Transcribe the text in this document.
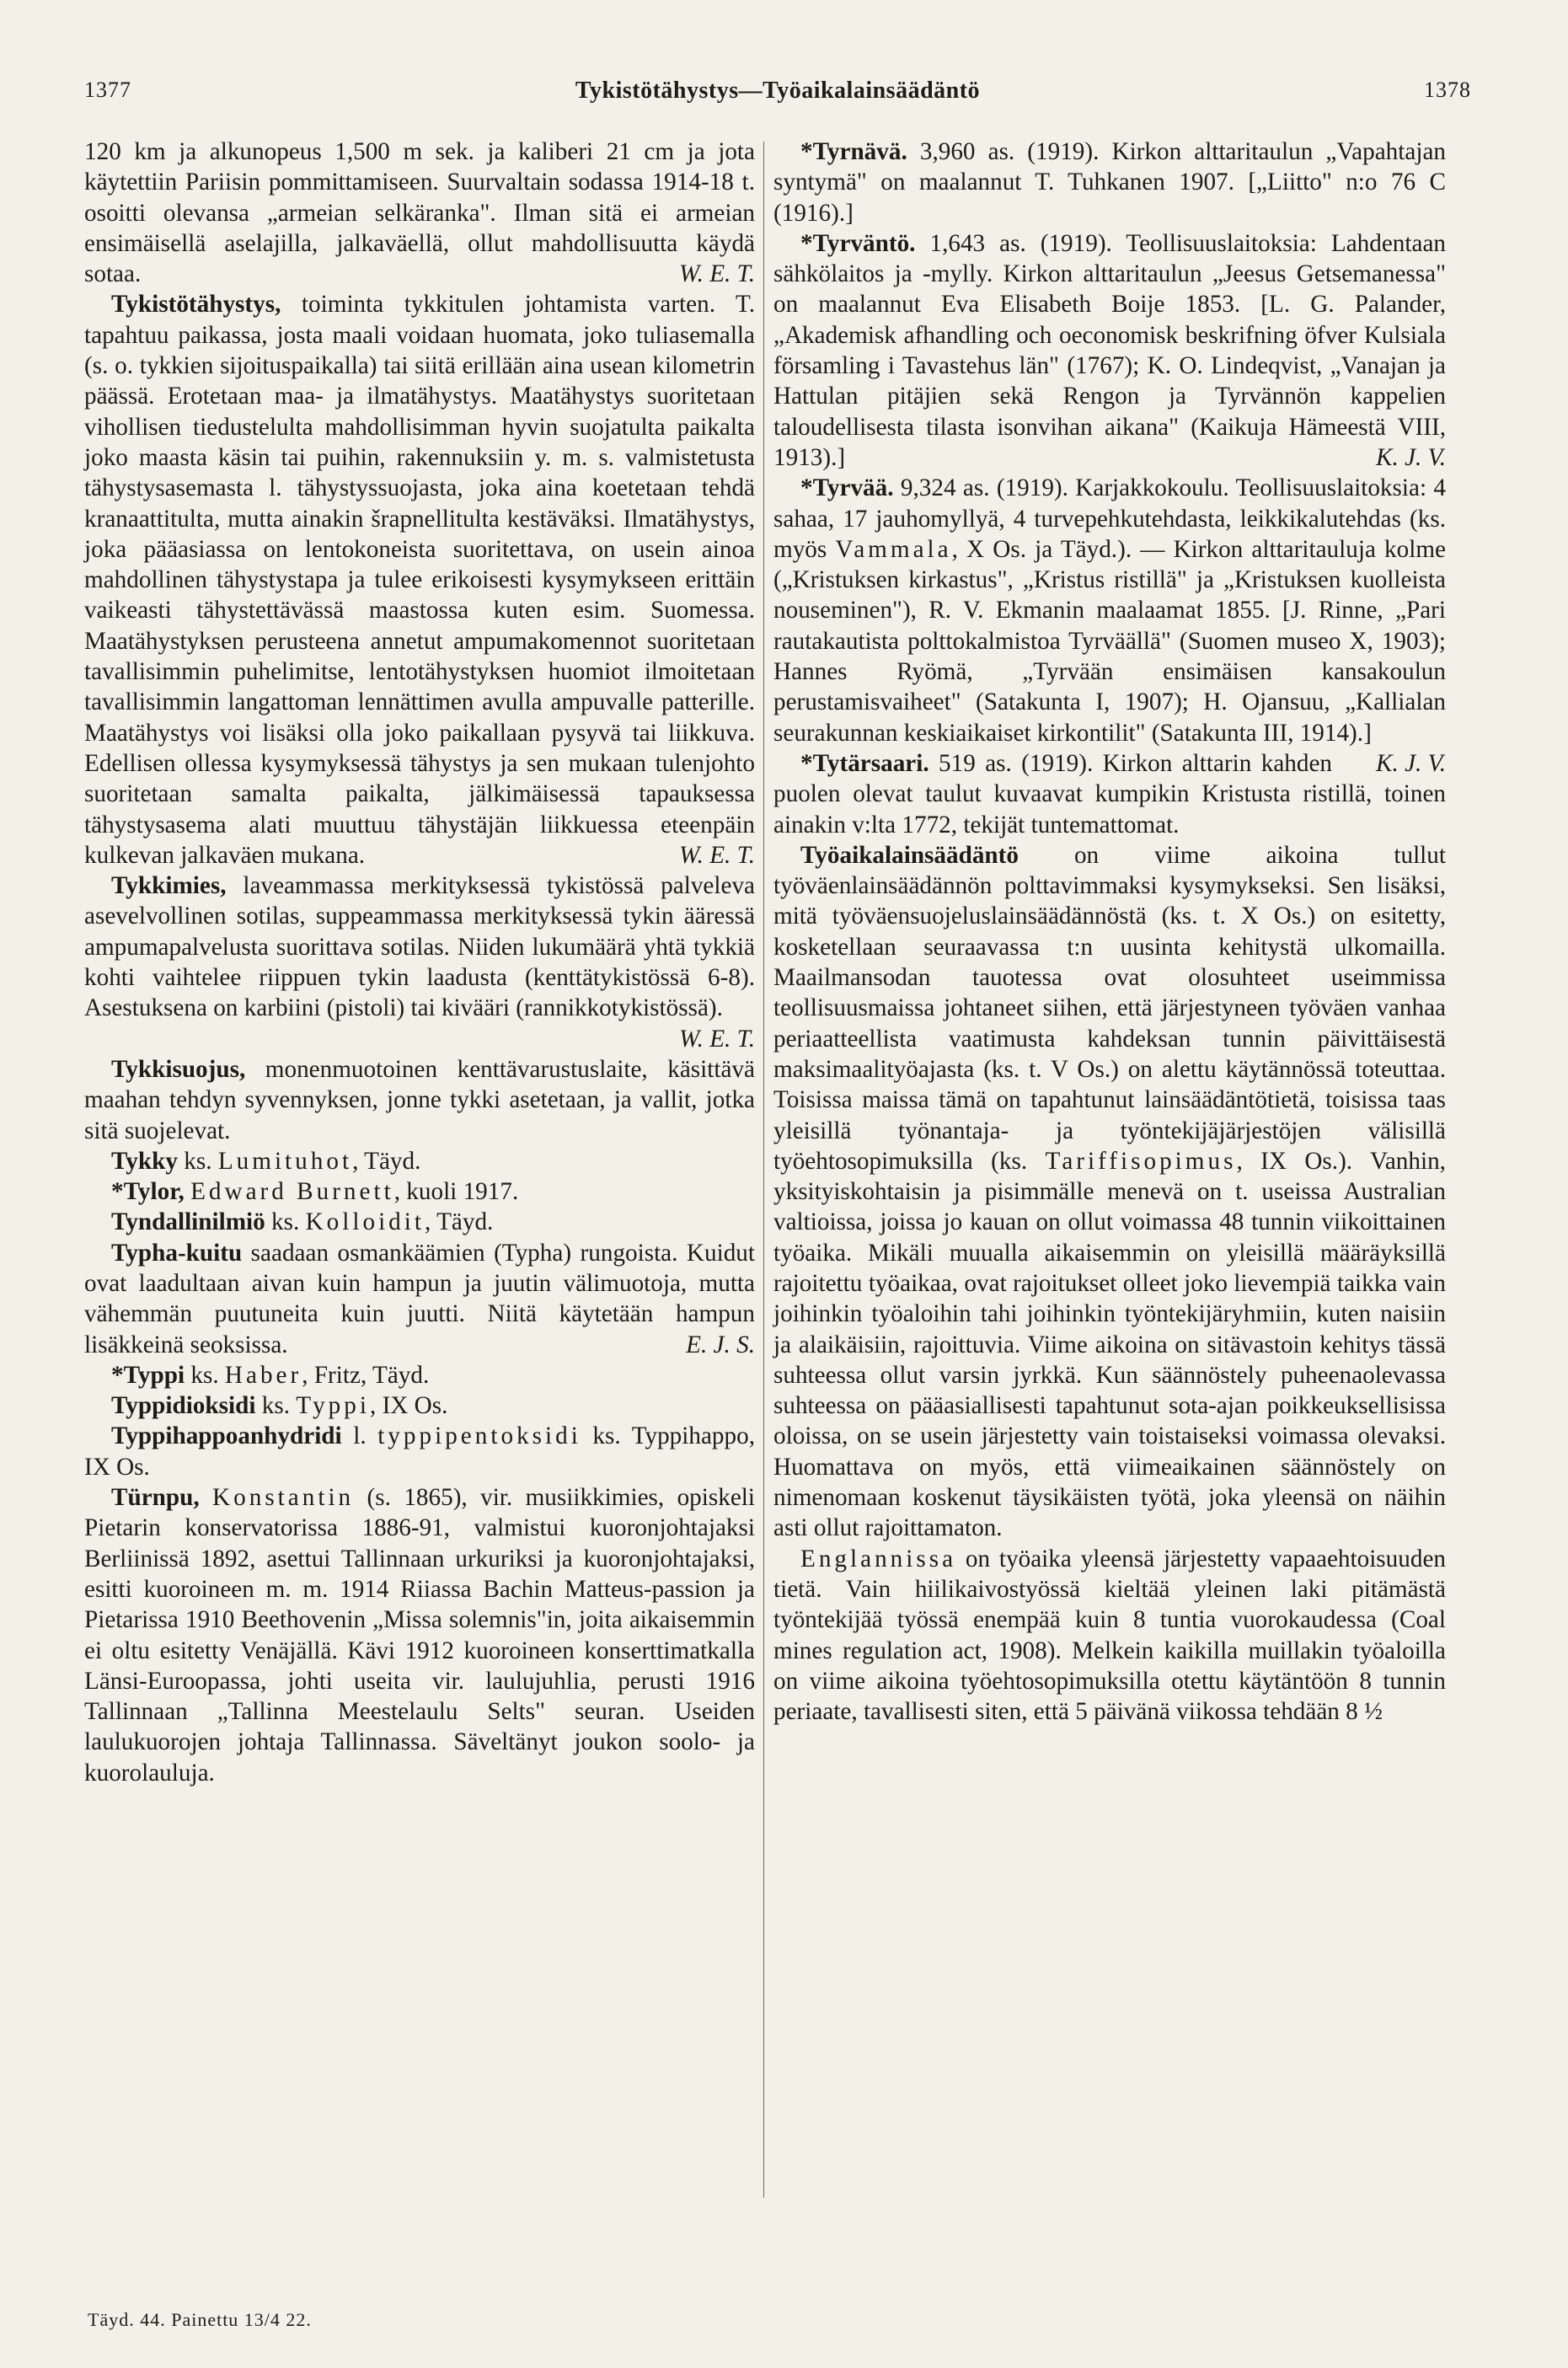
1377	Tykistötähystys—Työaikalainsäädäntö	1378

120 km ja alkunopeus 1,500 m sek. ja kaliberi 21 cm ja jota käytettiin Pariisin pommittamiseen. Suurvaltain sodassa 1914-18 t. osoitti olevansa „armeian selkäranka". Ilman sitä ei armeian ensimäisellä aselajilla, jalkaväellä, ollut mahdollisuutta käydä sotaa.	W. E. T.

Tykistötähystys, toiminta tykkitulen johtamista varten. T. tapahtuu paikassa, josta maali voidaan huomata, joko tuliasemalla (s. o. tykkien sijoituspaikalla) tai siitä erillään aina usean kilometrin päässä. Erotetaan maa- ja ilmatähystys. Maatähystys suoritetaan vihollisen tiedustelulta mahdollisimman hyvin suojatulta paikalta joko maasta käsin tai puihin, rakennuksiin y. m. s. valmistetusta tähystysasemasta l. tähystyssuojasta, joka aina koetetaan tehdä kranaattitulta, mutta ainakin šrapnellitulta kestäväksi. Ilmatähystys, joka pääasiassa on lentokoneista suoritettava, on usein ainoa mahdollinen tähystystapa ja tulee erikoisesti kysymykseen erittäin vaikeasti tähystettävässä maastossa kuten esim. Suomessa. Maatähystyksen perusteena annetut ampumakomennot suoritetaan tavallisimmin puhelimitse, lentotähystyksen huomiot ilmoitetaan tavallisimmin langattoman lennättimen avulla ampuvalle patterille. Maatähystys voi lisäksi olla joko paikallaan pysyvä tai liikkuva. Edellisen ollessa kysymyksessä tähystys ja sen mukaan tulenjohto suoritetaan samalta paikalta, jälkimäisessä tapauksessa tähystysasema alati muuttuu tähystäjän liikkuessa eteenpäin kulkevan jalkaväen mukana.	W. E. T.

Tykkimies, laveammassa merkityksessä tykistössä palveleva asevelvollinen sotilas, suppeammassa merkityksessä tykin ääressä ampumapalvelusta suorittava sotilas. Niiden lukumäärä yhtä tykkiä kohti vaihtelee riippuen tykin laadusta (kenttätykistössä 6-8). Asestuksena on karbiini (pistoli) tai kivääri (rannikkotykistössä).

W. E. T.

Tykkisuojus, monenmuotoinen kenttävarustuslaite, käsittävä maahan tehdyn syvennyksen, jonne tykki asetetaan, ja vallit, jotka sitä suojelevat.

Tykky ks. Lumituhot, Täyd.

*Tylor, Edward Burnett, kuoli 1917.

Tyndallinilmiö ks. Kolloidit, Täyd.

Typha-kuitu saadaan osmankäämien (Typha) rungoista. Kuidut ovat laadultaan aivan kuin hampun ja juutin välimuotoja, mutta vähemmän puutuneita kuin juutti. Niitä käytetään hampun lisäkkeinä seoksissa.	E. J. S.

*Typpi ks. Haber, Fritz, Täyd.

Typpidioksidi ks. Typpi, IX Os.

Typpihappoanhydridi l. typpipentoksidi ks. Typpihappo, IX Os.

Türnpu, Konstantin (s. 1865), vir. musiikkimies, opiskeli Pietarin konservatorissa 1886-91, valmistui kuoronjohtajaksi Berliinissä 1892, asettui Tallinnaan urkuriksi ja kuoronjohtajaksi, esitti kuoroineen m. m. 1914 Riiassa Bachin Matteus-passion ja Pietarissa 1910 Beethovenin „Missa solemnis"in, joita aikaisemmin ei oltu esitetty Venäjällä. Kävi 1912 kuoroineen konserttimatkalla Länsi-Euroopassa, johti useita vir. laulujuhlia, perusti 1916 Tallinnaan „Tallinna Meestelaulu Selts" seuran. Useiden laulukuorojen johtaja Tallinnassa. Säveltänyt joukon soolo- ja kuorolauluja.

*Tyrnävä. 3,960 as. (1919). Kirkon alttaritaulun „Vapahtajan syntymä" on maalannut T. Tuhkanen 1907. [„Liitto" n:o 76 C (1916).]

*Tyrväntö. 1,643 as. (1919). Teollisuuslaitoksia: Lahdentaan sähkölaitos ja -mylly. Kirkon alttaritaulun „Jeesus Getsemanessa" on maalannut Eva Elisabeth Boije 1853. [L. G. Palander, „Akademisk afhandling och oeconomisk beskrifning öfver Kulsiala församling i Tavastehus län" (1767); K. O. Lindeqvist, „Vanajan ja Hattulan pitäjien sekä Rengon ja Tyrvännön kappelien taloudellisesta tilasta isonvihan aikana" (Kaikuja Hämeestä VIII, 1913).]	K. J. V.

*Tyrvää. 9,324 as. (1919). Karjakkokoulu. Teollisuuslaitoksia: 4 sahaa, 17 jauhomyllyä, 4 turvepehkutehdasta, leikkikalutehdas (ks. myös Vammala, X Os. ja Täyd.). — Kirkon alttaritauluja kolme („Kristuksen kirkastus", „Kristus ristillä" ja „Kristuksen kuolleista nouseminen"), R. V. Ekmanin maalaamat 1855. [J. Rinne, „Pari rautakautista polttokalmistoa Tyrväällä" (Suomen museo X, 1903); Hannes Ryömä, „Tyrvään ensimäisen kansakoulun perustamisvaiheet" (Satakunta I, 1907); H. Ojansuu, „Kallialan seurakunnan keskiaikaiset kirkontilit" (Satakunta III, 1914).]
K. J. V.

*Tytärsaari. 519 as. (1919). Kirkon alttarin kahden puolen olevat taulut kuvaavat kumpikin Kristusta ristillä, toinen ainakin v:lta 1772, tekijät tuntemattomat.

Työaikalainsäädäntö on viime aikoina tullut työväenlainsäädännön polttavimmaksi kysymykseksi. Sen lisäksi, mitä työväensuojeluslainsäädännöstä (ks. t. X Os.) on esitetty, kosketellaan seuraavassa t:n uusinta kehitystä ulkomailla. Maailmansodan tauotessa ovat olosuhteet useimmissa teollisuusmaissa johtaneet siihen, että järjestyneen työväen vanhaa periaatteellista vaatimusta kahdeksan tunnin päivittäisestä maksimaalityöajasta (ks. t. V Os.) on alettu käytännössä toteuttaa. Toisissa maissa tämä on tapahtunut lainsäädäntötietä, toisissa taas yleisillä työnantaja- ja työntekijäjärjestöjen välisillä työehtosopimuksilla (ks. Tariffisopimus, IX Os.). Vanhin, yksityiskohtaisin ja pisimmälle menevä on t. useissa Australian valtioissa, joissa jo kauan on ollut voimassa 48 tunnin viikoittainen työaika. Mikäli muualla aikaisemmin on yleisillä määräyksillä rajoitettu työaikaa, ovat rajoitukset olleet joko lievempiä taikka vain joihinkin työaloihin tahi joihinkin työntekijäryhmiin, kuten naisiin ja alaikäisiin, rajoittuvia. Viime aikoina on sitävastoin kehitys tässä suhteessa ollut varsin jyrkkä. Kun säännöstely puheenaolevassa suhteessa on pääasiallisesti tapahtunut sota-ajan poikkeuksellisissa oloissa, on se usein järjestetty vain toistaiseksi voimassa olevaksi. Huomattava on myös, että viimeaikainen säännöstely on nimenomaan koskenut täysikäisten työtä, joka yleensä on näihin asti ollut rajoittamaton.

Englannissa on työaika yleensä järjestetty vapaaehtoisuuden tietä. Vain hiilikaivostyössä kieltää yleinen laki pitämästä työntekijää työssä enempää kuin 8 tuntia vuorokaudessa (Coal mines regulation act, 1908). Melkein kaikilla muillakin työaloilla on viime aikoina työehtosopimuksilla otettu käytäntöön 8 tunnin periaate, tavallisesti siten, että 5 päivänä viikossa tehdään 8 ½

Täyd. 44. Painettu 13/4 22.
